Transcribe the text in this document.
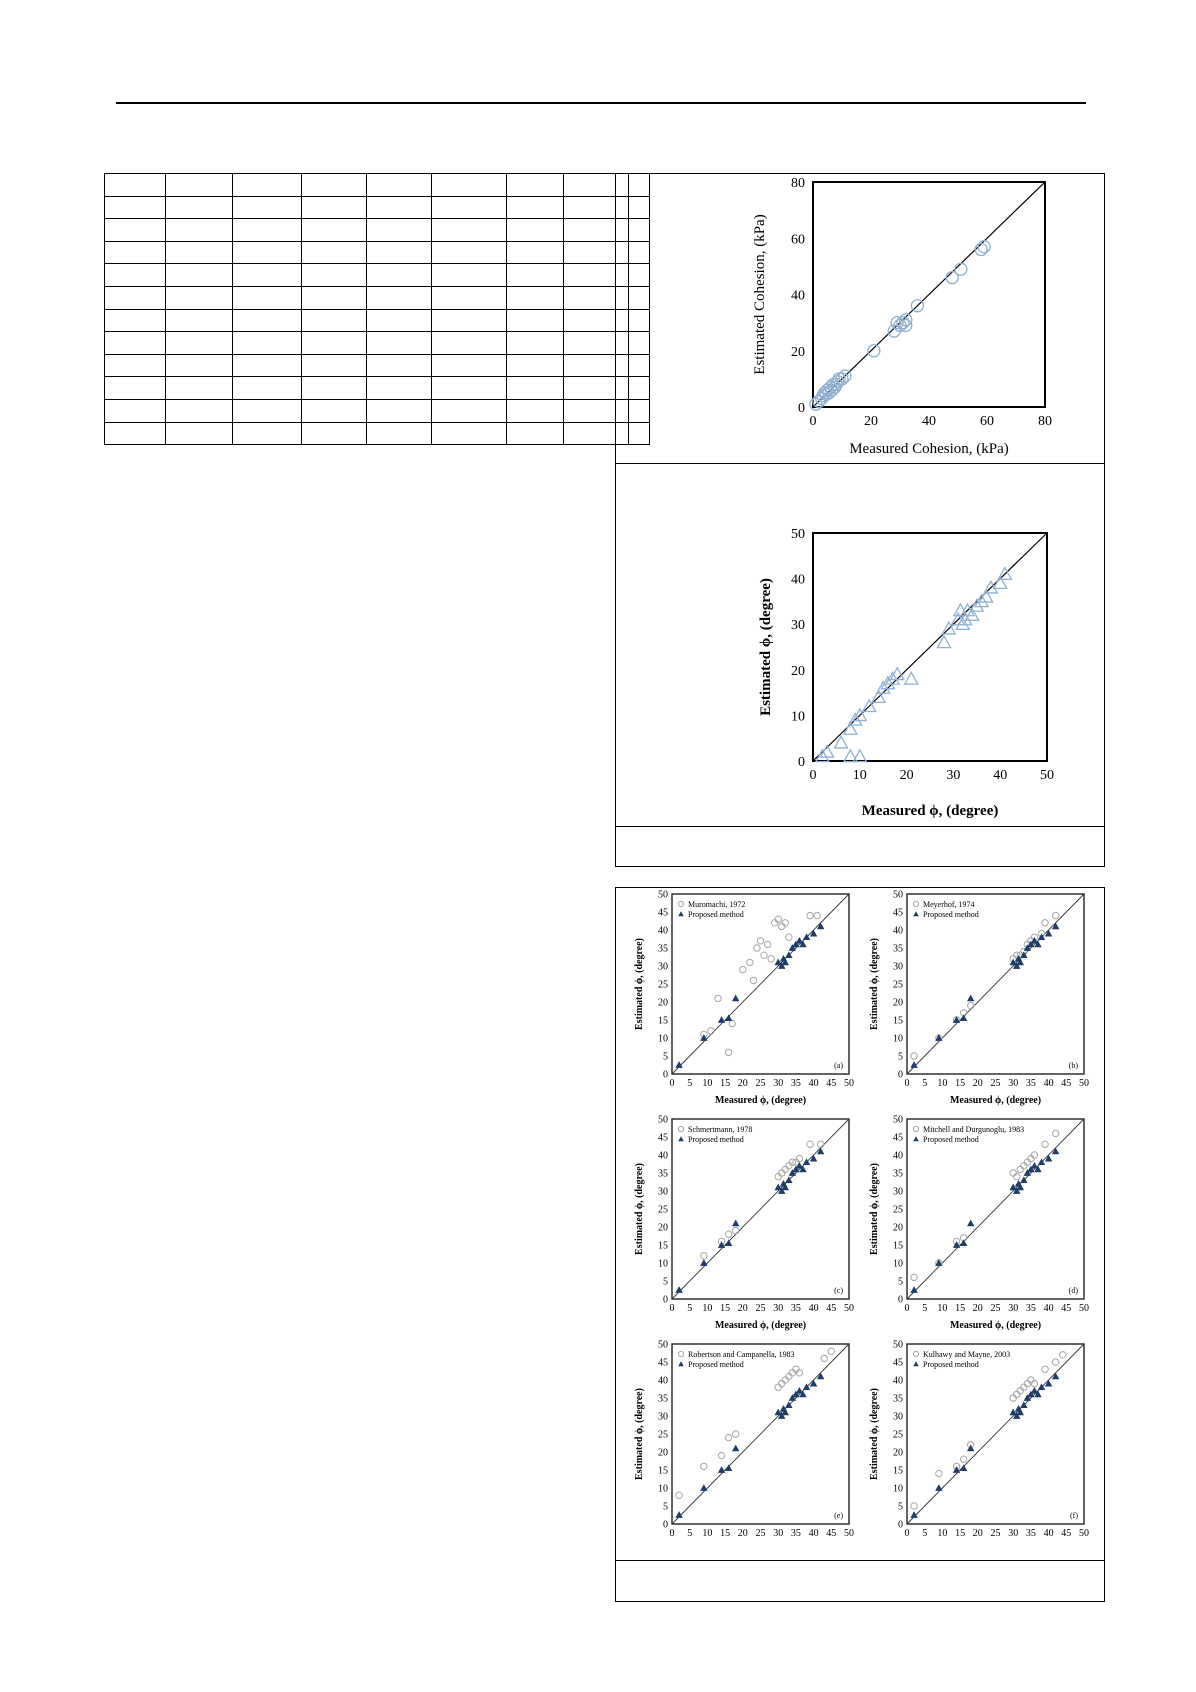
0	20	40	60	80
0
20
40
60
80
Measured Cohesion, (kPa)
Estimated Cohesion, (kPa)
0	10 20 30 40 50
0
10
20
30
40
50
Measured ϕ, (degree)
Estimated ϕ, (degree)
0 5 10 15 20 25 30 35 40 45 50
0
5
10
15
20
25
30
35
40
45
50
Estimated ϕ, (degree)
Measured ϕ, (degree)
Muromachi, 1972
Proposed method
(a)
0 5 10 15 20 25 30 35 40 45 50
0
5
10
15
20
25
30
35
40
45
50
Estimated ϕ, (degree)
Measured ϕ, (degree)
Meyerhof, 1974
Proposed method
(b)
0 5 10 15 20 25 30 35 40 45 50
0
5
10
15
20
25
30
35
40
45
50
Estimated ϕ, (degree)
Measured ϕ, (degree)
Schmertmann, 1978
Proposed method
(c)
0 5 10 15 20 25 30 35 40 45 50
0
5
10
15
20
25
30
35
40
45
50
Estimated ϕ, (degree)
Measured ϕ, (degree)
Mitchell and Durgunoglu, 1983
Proposed method
(d)
0 5 10 15 20 25 30 35 40 45 50
0
5
10
15
20
25
30
35
40
45
50
Estimated ϕ, (degree)
Robertson and Campanella, 1983
Proposed method
(e)
0 5 10 15 20 25 30 35 40 45 50
0
5
10
15
20
25
30
35
40
45
50
Estimated ϕ, (degree)
Kulhawy and Mayne, 2003
Proposed method
(f)
